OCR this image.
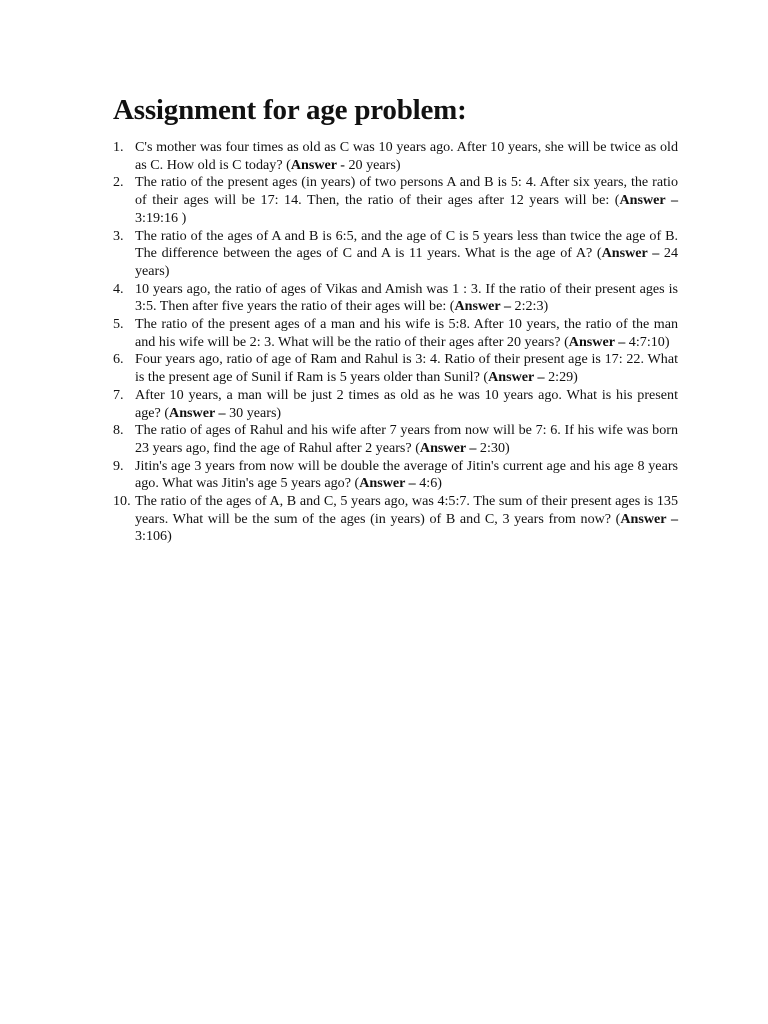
Assignment for age problem:
1. C's mother was four times as old as C was 10 years ago. After 10 years, she will be twice as old as C. How old is C today? (Answer - 20 years)
2. The ratio of the present ages (in years) of two persons A and B is 5: 4. After six years, the ratio of their ages will be 17: 14. Then, the ratio of their ages after 12 years will be: (Answer – 3:19:16 )
3. The ratio of the ages of A and B is 6:5, and the age of C is 5 years less than twice the age of B. The difference between the ages of C and A is 11 years. What is the age of A? (Answer – 24 years)
4. 10 years ago, the ratio of ages of Vikas and Amish was 1 : 3. If the ratio of their present ages is 3:5. Then after five years the ratio of their ages will be: (Answer – 2:2:3)
5. The ratio of the present ages of a man and his wife is 5:8. After 10 years, the ratio of the man and his wife will be 2: 3. What will be the ratio of their ages after 20 years? (Answer – 4:7:10)
6. Four years ago, ratio of age of Ram and Rahul is 3: 4. Ratio of their present age is 17: 22. What is the present age of Sunil if Ram is 5 years older than Sunil? (Answer – 2:29)
7. After 10 years, a man will be just 2 times as old as he was 10 years ago. What is his present age? (Answer – 30 years)
8. The ratio of ages of Rahul and his wife after 7 years from now will be 7: 6. If his wife was born 23 years ago, find the age of Rahul after 2 years? (Answer – 2:30)
9. Jitin's age 3 years from now will be double the average of Jitin's current age and his age 8 years ago. What was Jitin's age 5 years ago? (Answer – 4:6)
10. The ratio of the ages of A, B and C, 5 years ago, was 4:5:7. The sum of their present ages is 135 years. What will be the sum of the ages (in years) of B and C, 3 years from now? (Answer – 3:106)
